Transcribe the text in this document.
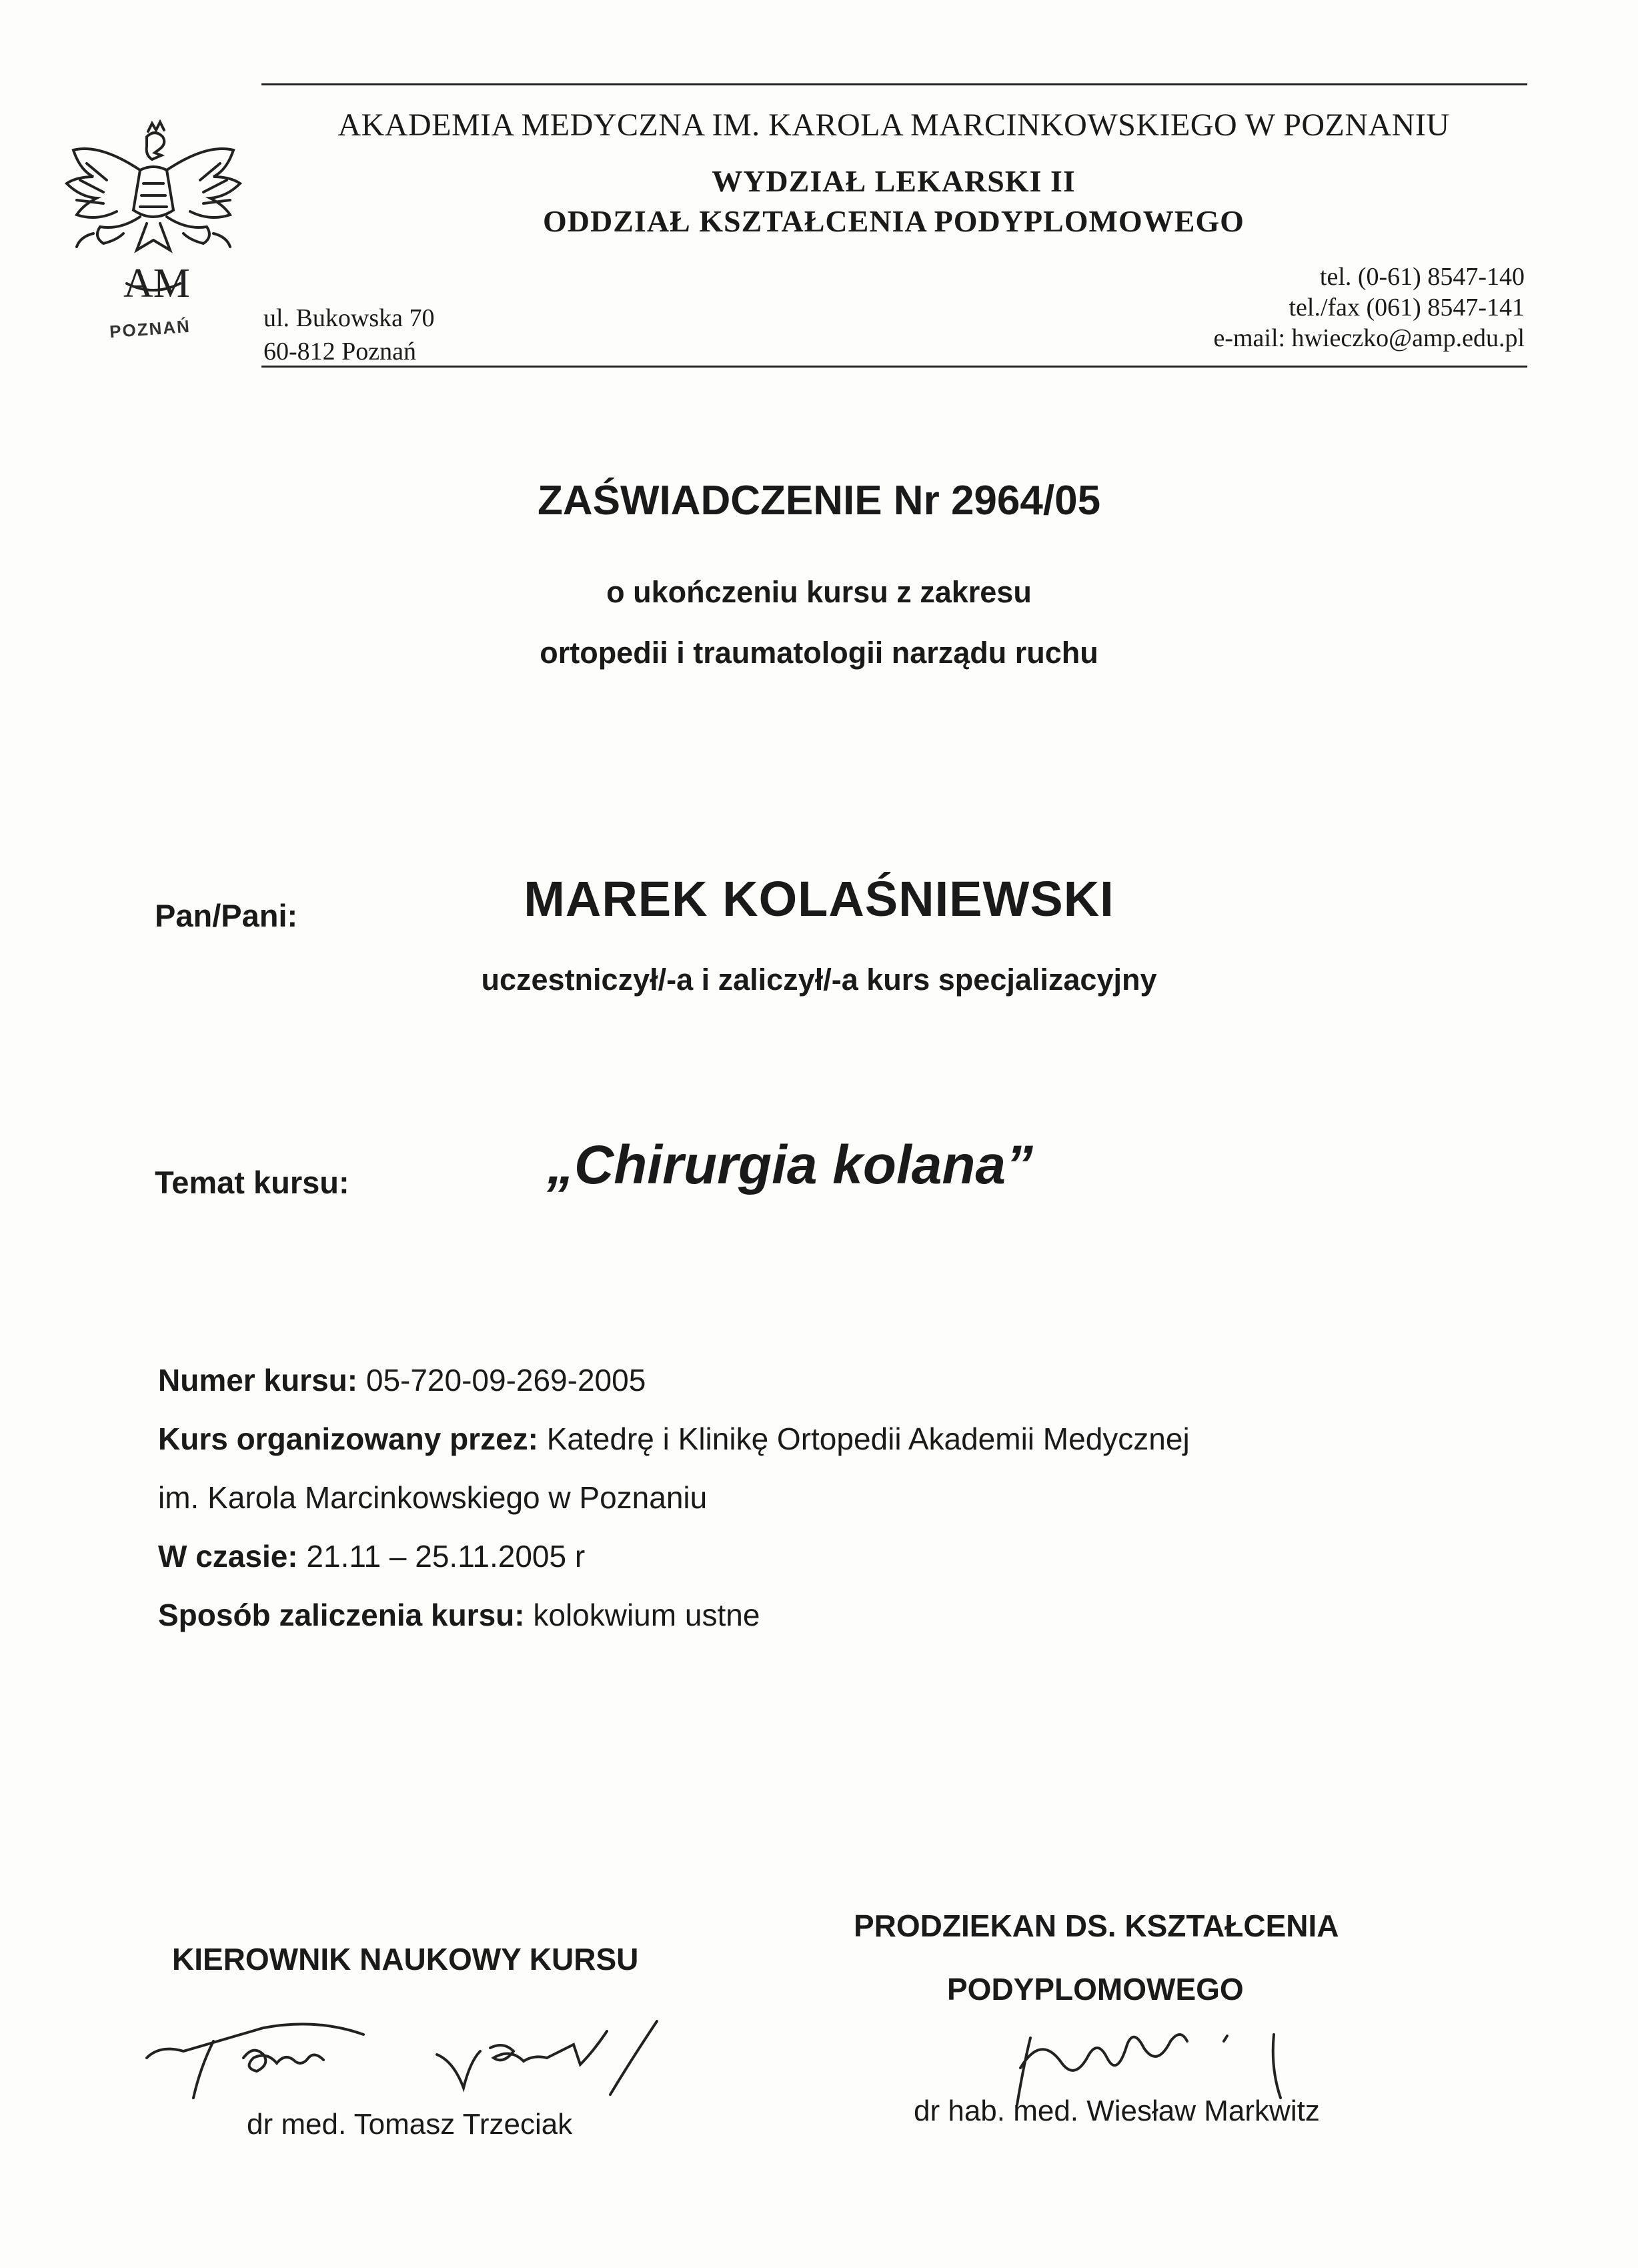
AM
POZNAŃ
AKADEMIA MEDYCZNA IM. KAROLA MARCINKOWSKIEGO W POZNANIU
WYDZIAŁ LEKARSKI II
ODDZIAŁ KSZTAŁCENIA PODYPLOMOWEGO
ul. Bukowska 70
60-812 Poznań
tel. (0-61) 8547-140
tel./fax (061) 8547-141
e-mail: hwieczko@amp.edu.pl
ZAŚWIADCZENIE Nr 2964/05
o ukończeniu kursu z zakresu
ortopedii i traumatologii narządu ruchu
Pan/Pani:	MAREK KOLAŚNIEWSKI
uczestniczył/-a i zaliczył/-a kurs specjalizacyjny
Temat kursu:	„Chirurgia kolana”
Numer kursu: 05-720-09-269-2005
Kurs organizowany przez: Katedrę i Klinikę Ortopedii Akademii Medycznej
im. Karola Marcinkowskiego w Poznaniu
W czasie: 21.11 – 25.11.2005 r
Sposób zaliczenia kursu: kolokwium ustne
KIEROWNIK NAUKOWY KURSU
dr med. Tomasz Trzeciak
PRODZIEKAN DS. KSZTAŁCENIA
PODYPLOMOWEGO
dr hab. med. Wiesław Markwitz
